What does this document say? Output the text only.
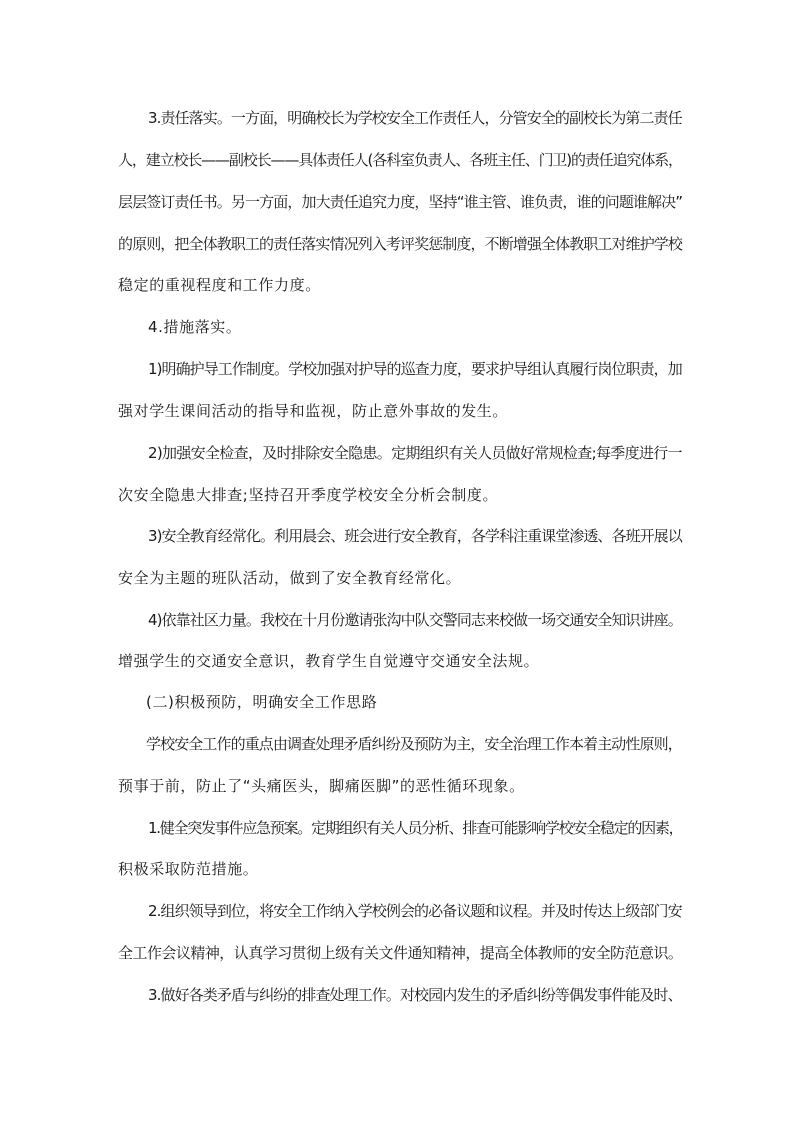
3.责任落实。一方面，明确校长为学校安全工作责任人，分管安全的副校长为第二责任
人，建立校长——副校长——具体责任人(各科室负责人、各班主任、门卫)的责任追究体系，
层层签订责任书。另一方面，加大责任追究力度，坚持“谁主管、谁负责，谁的问题谁解决”
的原则，把全体教职工的责任落实情况列入考评奖惩制度，不断增强全体教职工对维护学校
稳定的重视程度和工作力度。
4.措施落实。
1)明确护导工作制度。学校加强对护导的巡查力度，要求护导组认真履行岗位职责，加
强对学生课间活动的指导和监视，防止意外事故的发生。
2)加强安全检查，及时排除安全隐患。定期组织有关人员做好常规检查;每季度进行一
次安全隐患大排查;坚持召开季度学校安全分析会制度。
3)安全教育经常化。利用晨会、班会进行安全教育，各学科注重课堂渗透、各班开展以
安全为主题的班队活动，做到了安全教育经常化。
4)依靠社区力量。我校在十月份邀请张沟中队交警同志来校做一场交通安全知识讲座。
增强学生的交通安全意识，教育学生自觉遵守交通安全法规。
(二)积极预防，明确安全工作思路
学校安全工作的重点由调查处理矛盾纠纷及预防为主，安全治理工作本着主动性原则，
预事于前，防止了“头痛医头，脚痛医脚”的恶性循环现象。
1.健全突发事件应急预案。定期组织有关人员分析、排查可能影响学校安全稳定的因素，
积极采取防范措施。
2.组织领导到位，将安全工作纳入学校例会的必备议题和议程。并及时传达上级部门安
全工作会议精神，认真学习贯彻上级有关文件通知精神，提高全体教师的安全防范意识。
3.做好各类矛盾与纠纷的排查处理工作。对校园内发生的矛盾纠纷等偶发事件能及时、
